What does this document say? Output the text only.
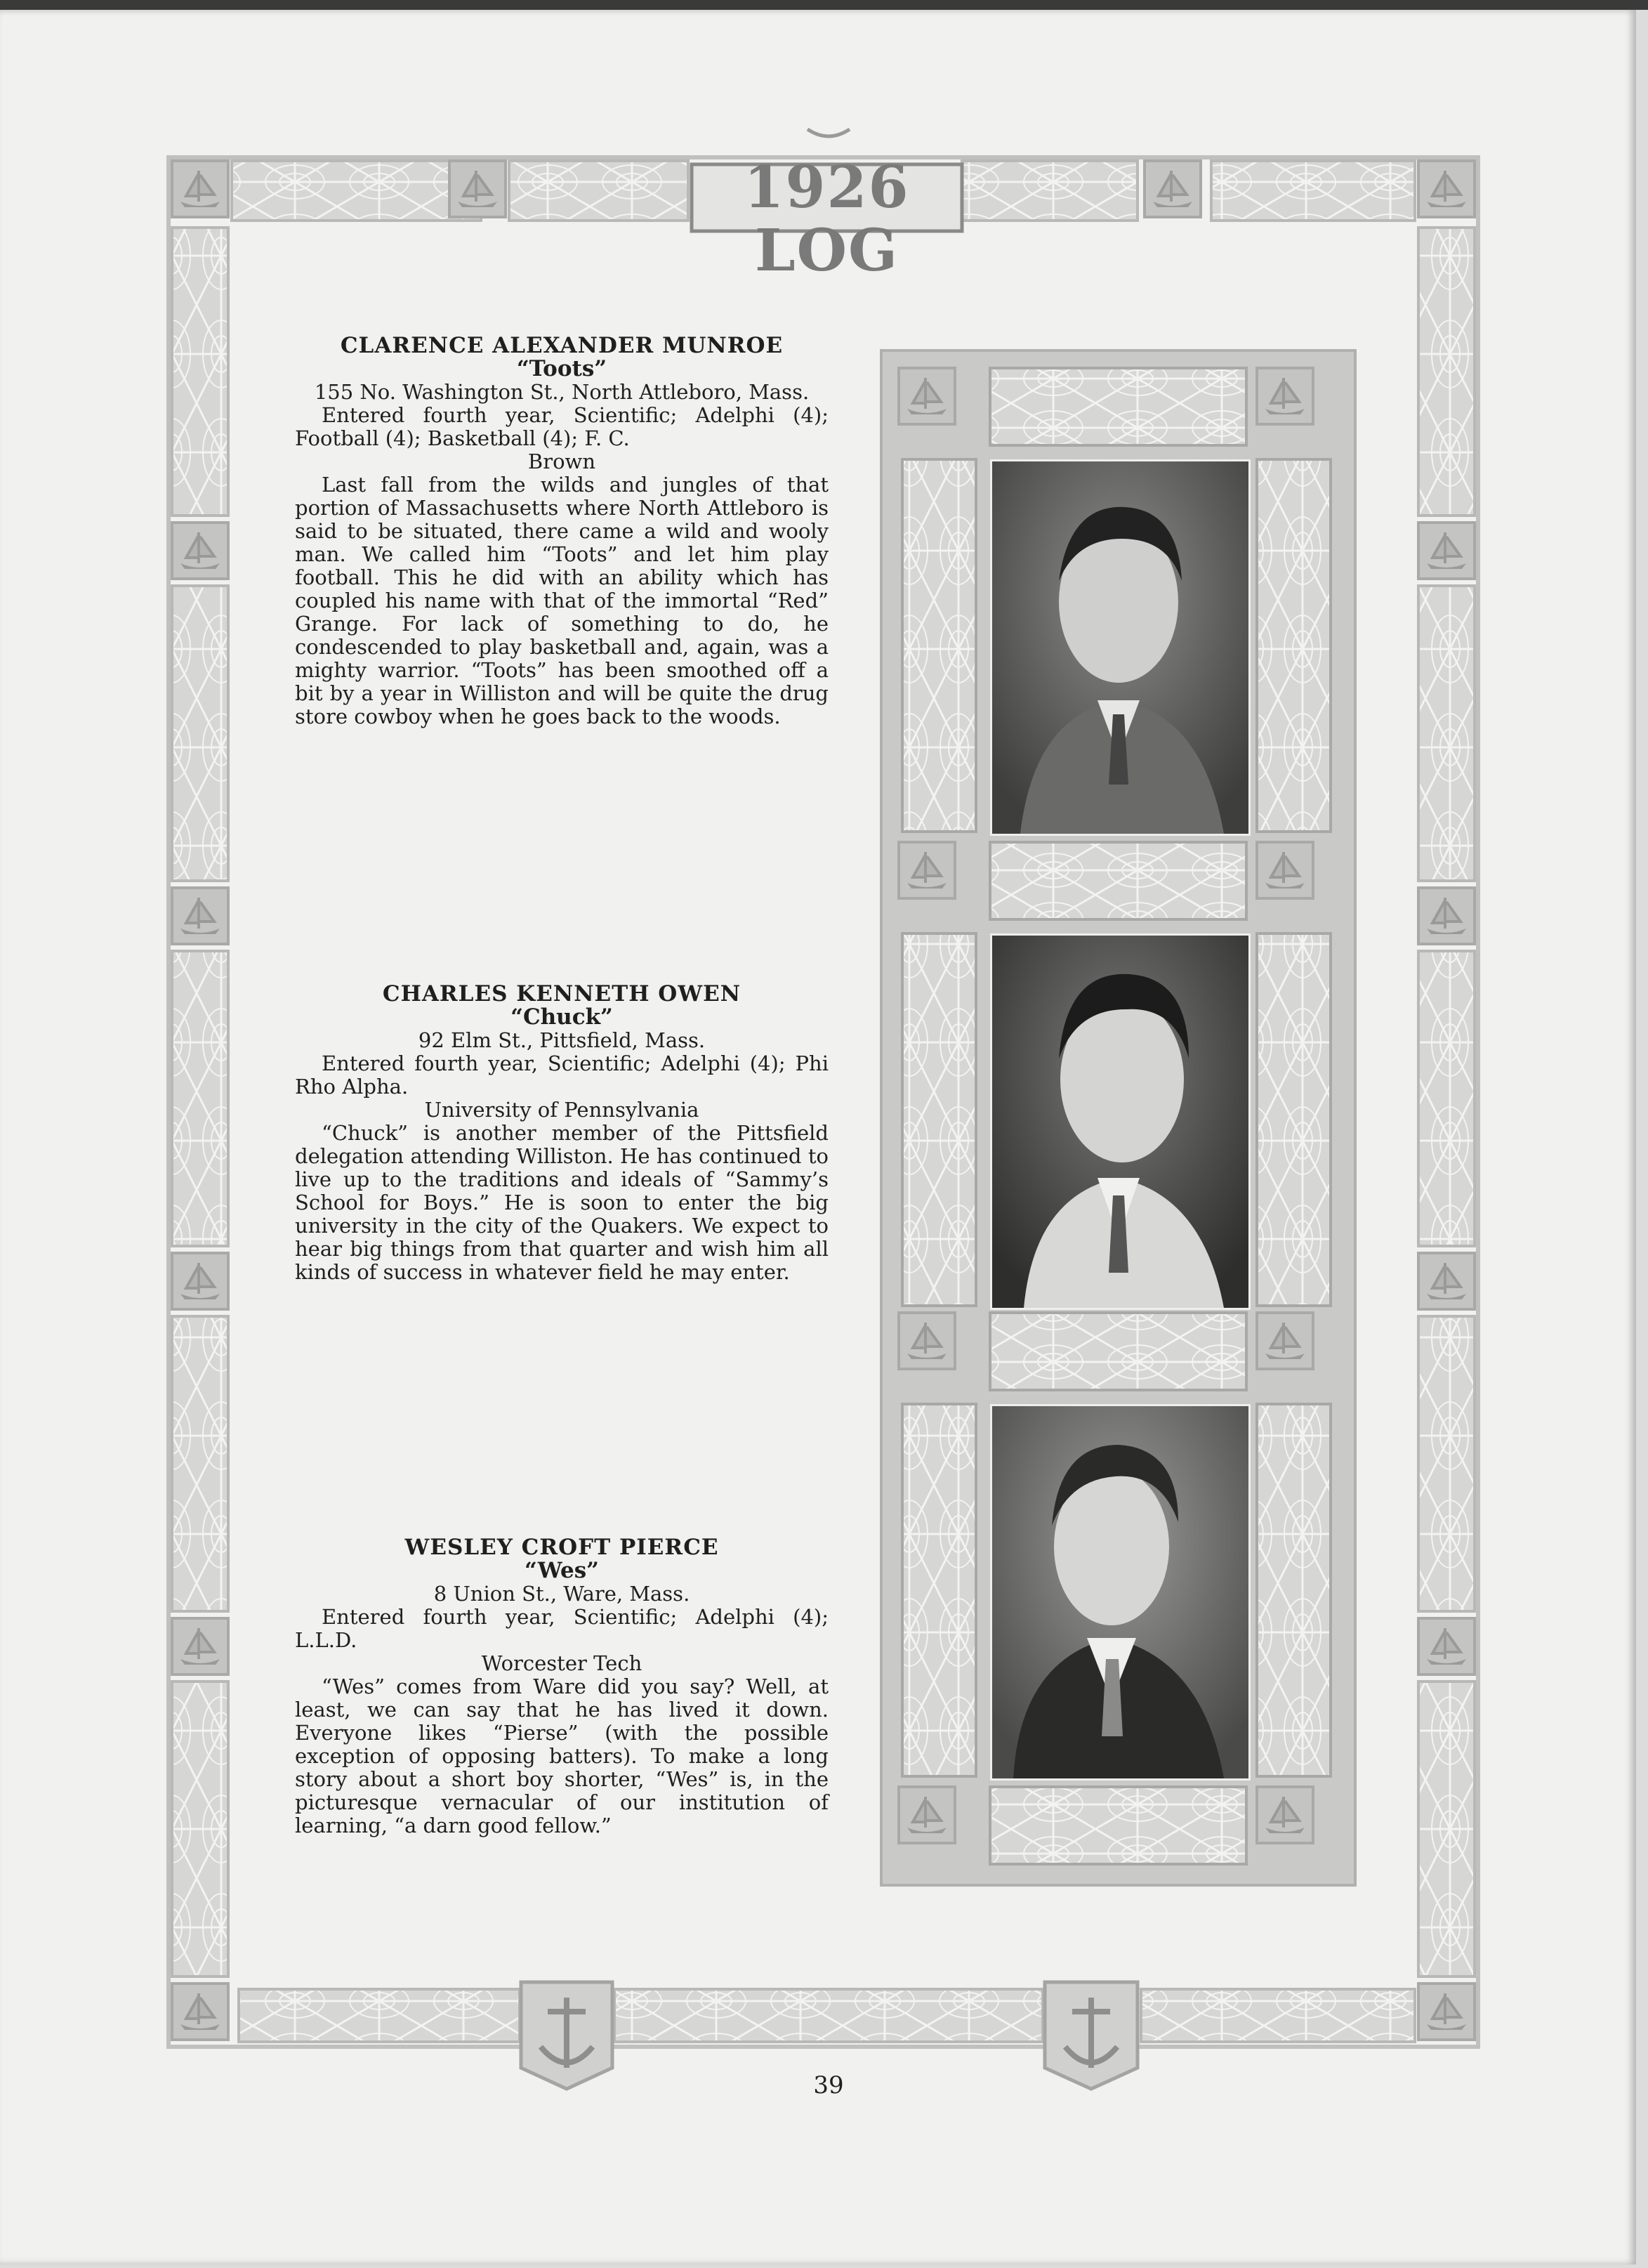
1926 LOG
CLARENCE ALEXANDER MUNROE
“Toots”
155 No. Washington St., North Attleboro, Mass.
Entered fourth year, Scientific; Adelphi (4); Football (4); Basketball (4); F. C.
Brown
Last fall from the wilds and jungles of that portion of Massachusetts where North Attleboro is said to be situated, there came a wild and wooly man. We called him “Toots” and let him play football. This he did with an ability which has coupled his name with that of the immortal “Red” Grange. For lack of something to do, he condescended to play basketball and, again, was a mighty warrior. “Toots” has been smoothed off a bit by a year in Williston and will be quite the drug store cowboy when he goes back to the woods.
CHARLES KENNETH OWEN
“Chuck”
92 Elm St., Pittsfield, Mass.
Entered fourth year, Scientific; Adelphi (4); Phi Rho Alpha.
University of Pennsylvania
“Chuck” is another member of the Pittsfield delegation attending Williston. He has continued to live up to the traditions and ideals of “Sammy’s School for Boys.” He is soon to enter the big university in the city of the Quakers. We expect to hear big things from that quarter and wish him all kinds of success in whatever field he may enter.
WESLEY CROFT PIERCE
“Wes”
8 Union St., Ware, Mass.
Entered fourth year, Scientific; Adelphi (4); L.L.D.
Worcester Tech
“Wes” comes from Ware did you say? Well, at least, we can say that he has lived it down. Everyone likes “Pierse” (with the possible exception of opposing batters). To make a long story about a short boy shorter, “Wes” is, in the picturesque vernacular of our institution of learning, “a darn good fellow.”
39
